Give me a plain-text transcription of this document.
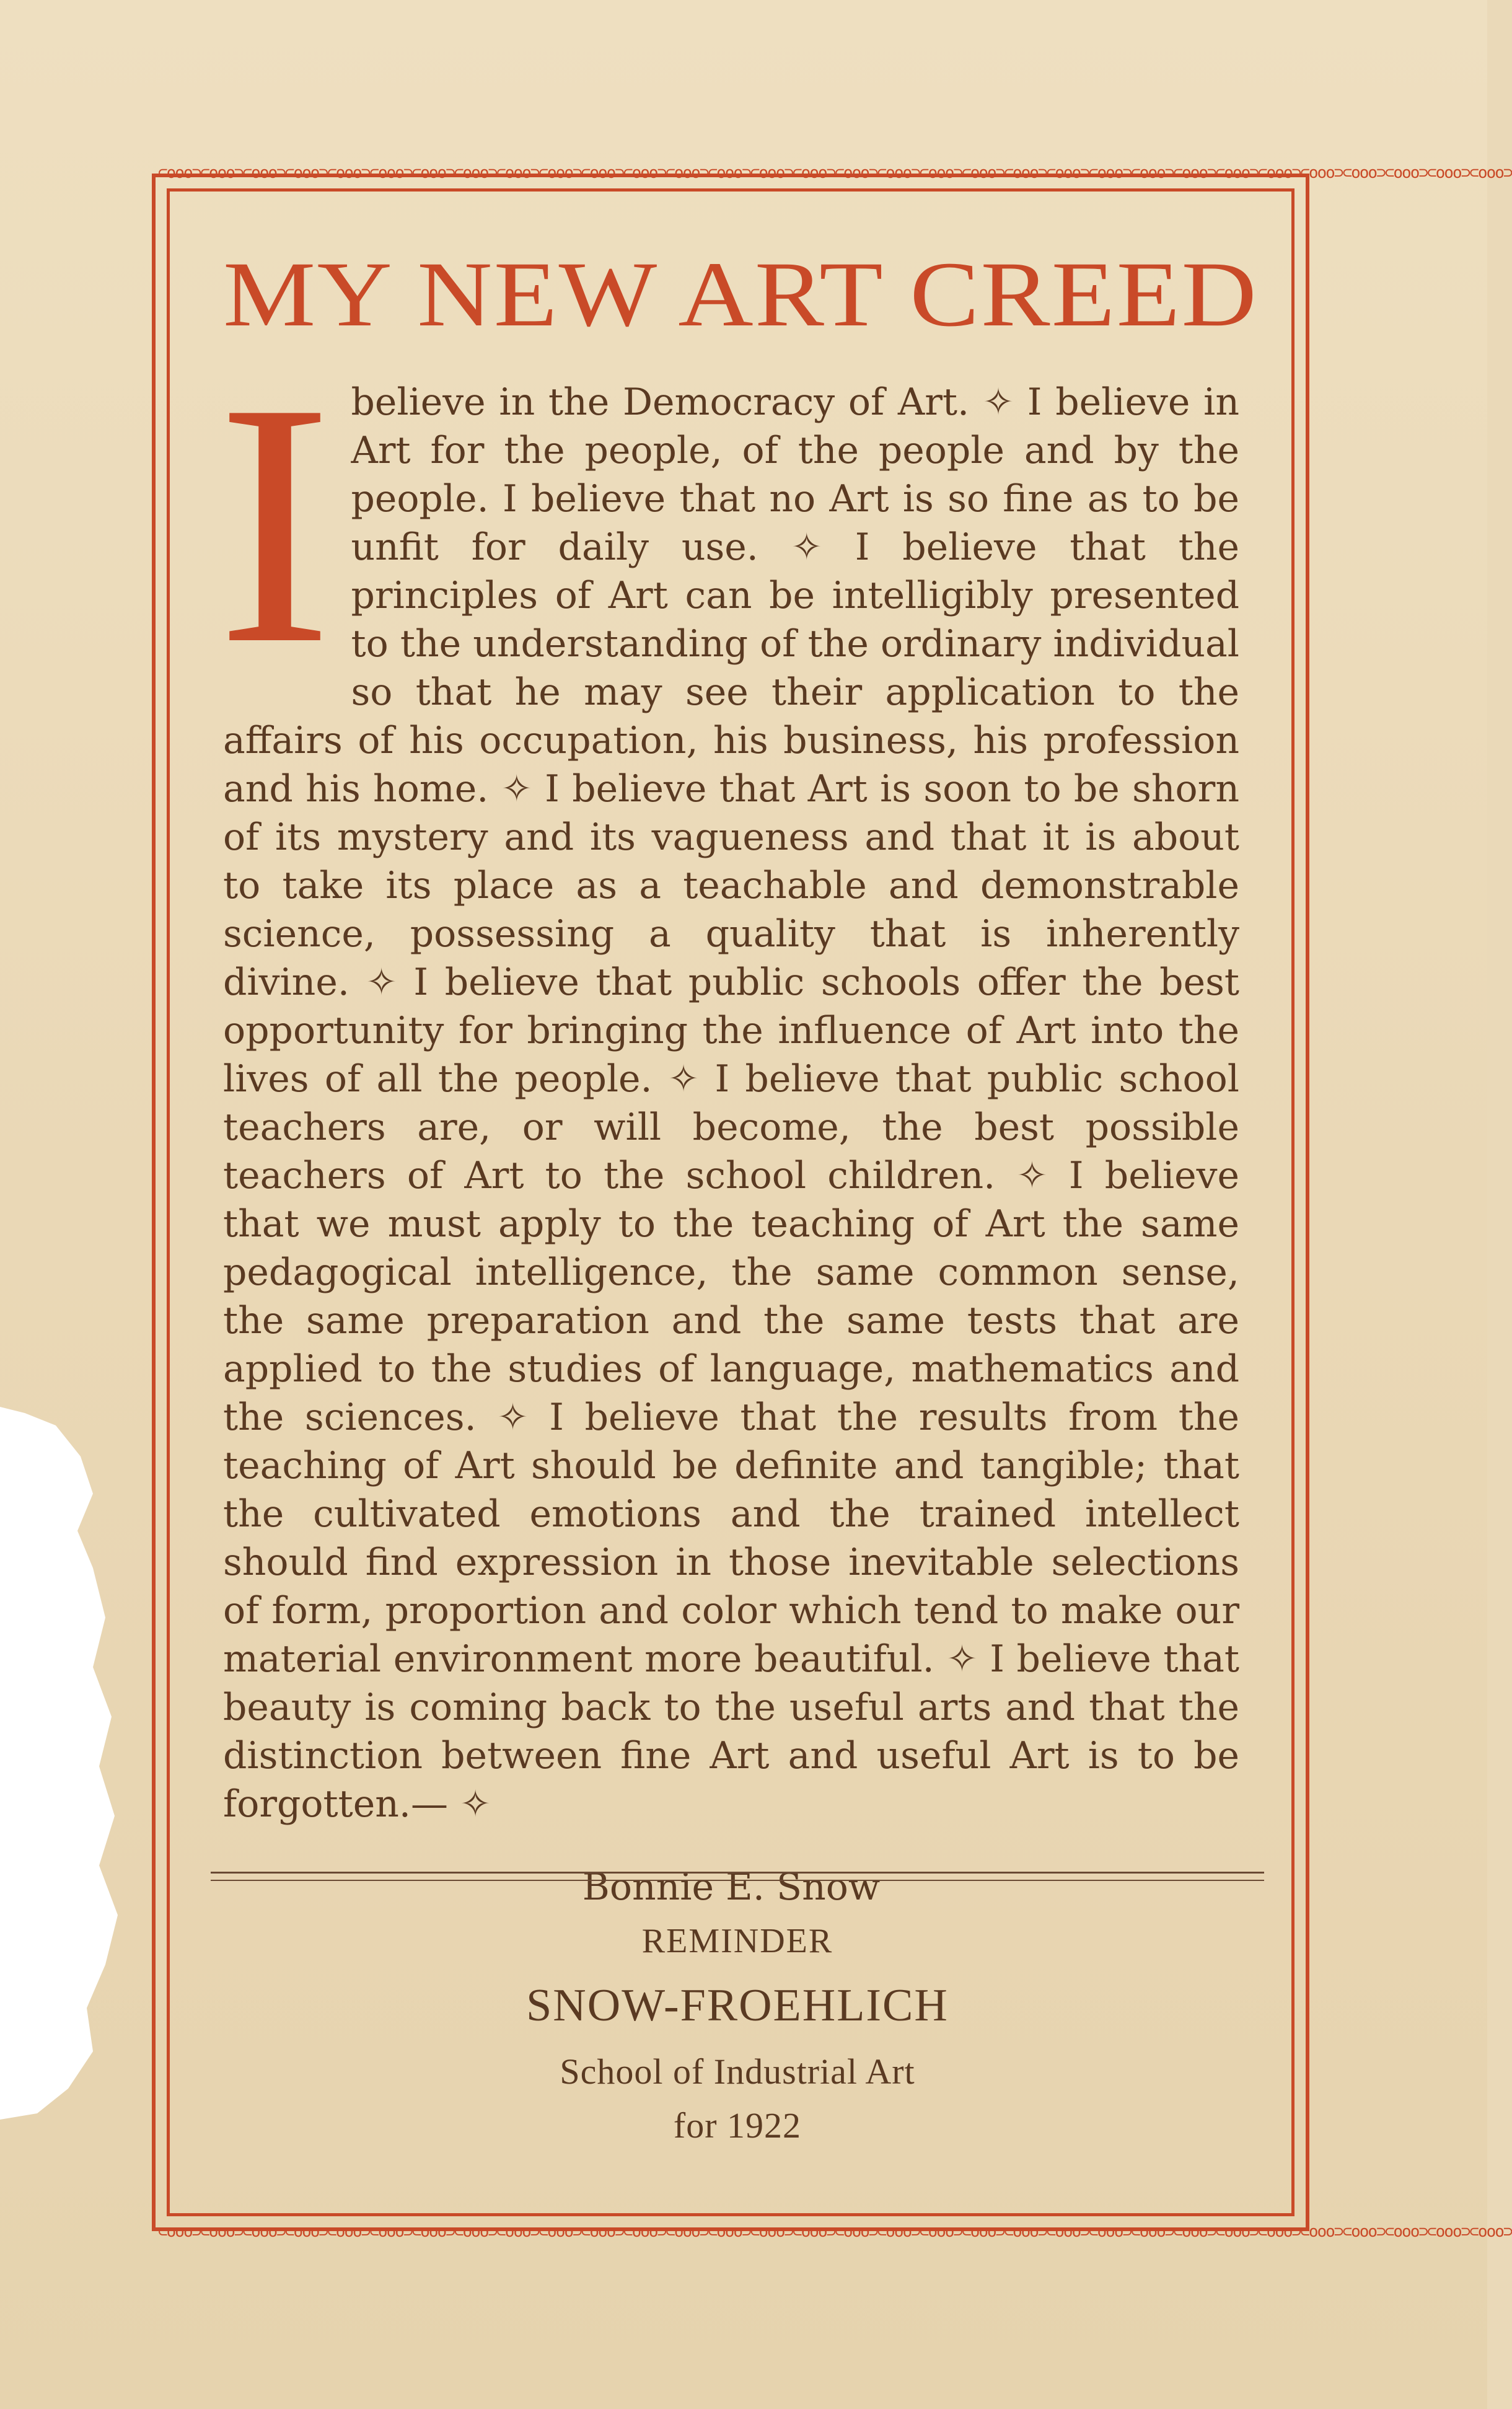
⊂ooo⊃⊂ooo⊃⊂ooo⊃⊂ooo⊃⊂ooo⊃⊂ooo⊃⊂ooo⊃⊂ooo⊃⊂ooo⊃⊂ooo⊃⊂ooo⊃⊂ooo⊃⊂ooo⊃⊂ooo⊃⊂ooo⊃⊂ooo⊃⊂ooo⊃⊂ooo⊃⊂ooo⊃⊂ooo⊃⊂ooo⊃⊂ooo⊃⊂ooo⊃⊂ooo⊃⊂ooo⊃⊂ooo⊃⊂ooo⊃⊂ooo⊃⊂ooo⊃⊂ooo⊃⊂ooo⊃⊂ooo⊃
⊂ooo⊃⊂ooo⊃⊂ooo⊃⊂ooo⊃⊂ooo⊃⊂ooo⊃⊂ooo⊃⊂ooo⊃⊂ooo⊃⊂ooo⊃⊂ooo⊃⊂ooo⊃⊂ooo⊃⊂ooo⊃⊂ooo⊃⊂ooo⊃⊂ooo⊃⊂ooo⊃⊂ooo⊃⊂ooo⊃⊂ooo⊃⊂ooo⊃⊂ooo⊃⊂ooo⊃⊂ooo⊃⊂ooo⊃⊂ooo⊃⊂ooo⊃⊂ooo⊃⊂ooo⊃⊂ooo⊃⊂ooo⊃
MY NEW ART CREED

I believe in the Democracy of Art. ✧ I believe in Art for the people, of the people and by the people. I believe that no Art is so fine as to be unfit for daily use. ✧ I believe that the principles of Art can be intelligibly presented to the understanding of the ordinary individual so that he may see their application to the affairs of his occupation, his business, his profession and his home. ✧ I believe that Art is soon to be shorn of its mystery and its vagueness and that it is about to take its place as a teachable and demonstrable science, possessing a quality that is inherently divine. ✧ I believe that public schools offer the best opportunity for bringing the influence of Art into the lives of all the people. ✧ I believe that public school teachers are, or will become, the best possible teachers of Art to the school children. ✧ I believe that we must apply to the teaching of Art the same pedagogical intelligence, the same common sense, the same preparation and the same tests that are applied to the studies of language, mathematics and the sciences. ✧ I believe that the results from the teaching of Art should be definite and tangible; that the cultivated emotions and the trained intellect should find expression in those inevitable selections of form, proportion and color which tend to make our material environment more beautiful. ✧ I believe that beauty is coming back to the useful arts and that the distinction between fine Art and useful Art is to be forgotten.— ✧

Bonnie E. Snow
REMINDER
SNOW-FROEHLICH
School of Industrial Art
for 1922
